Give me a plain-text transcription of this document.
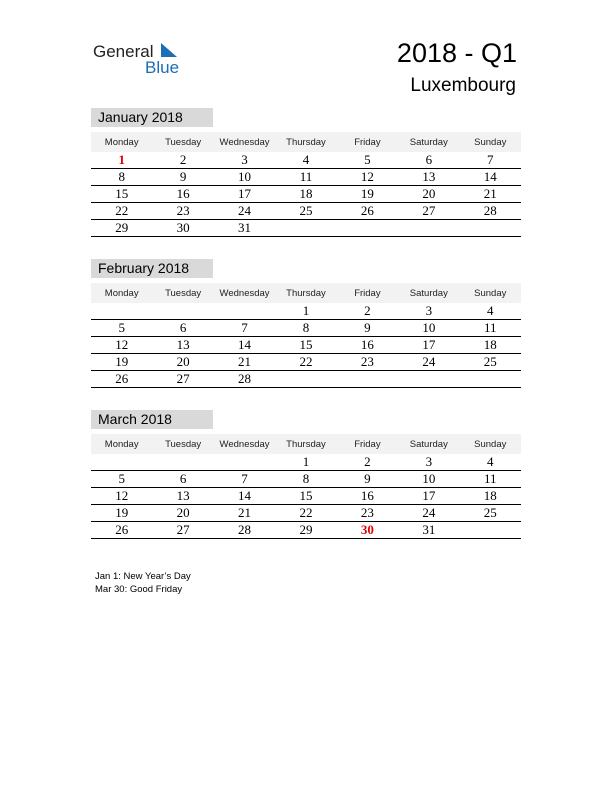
General
Blue	2018 - Q1
Luxembourg
January 2018
Monday	Tuesday	Wednesday	Thursday	Friday	Saturday	Sunday
1	2	3	4	5	6	7
8	9	10	11	12	13	14
15	16	17	18	19	20	21
22	23	24	25	26	27	28
29	30	31				
February 2018
Monday	Tuesday	Wednesday	Thursday	Friday	Saturday	Sunday
			1	2	3	4
5	6	7	8	9	10	11
12	13	14	15	16	17	18
19	20	21	22	23	24	25
26	27	28				
March 2018
Monday	Tuesday	Wednesday	Thursday	Friday	Saturday	Sunday
			1	2	3	4
5	6	7	8	9	10	11
12	13	14	15	16	17	18
19	20	21	22	23	24	25
26	27	28	29	30	31	
Jan 1: New Year’s Day
Mar 30: Good Friday
